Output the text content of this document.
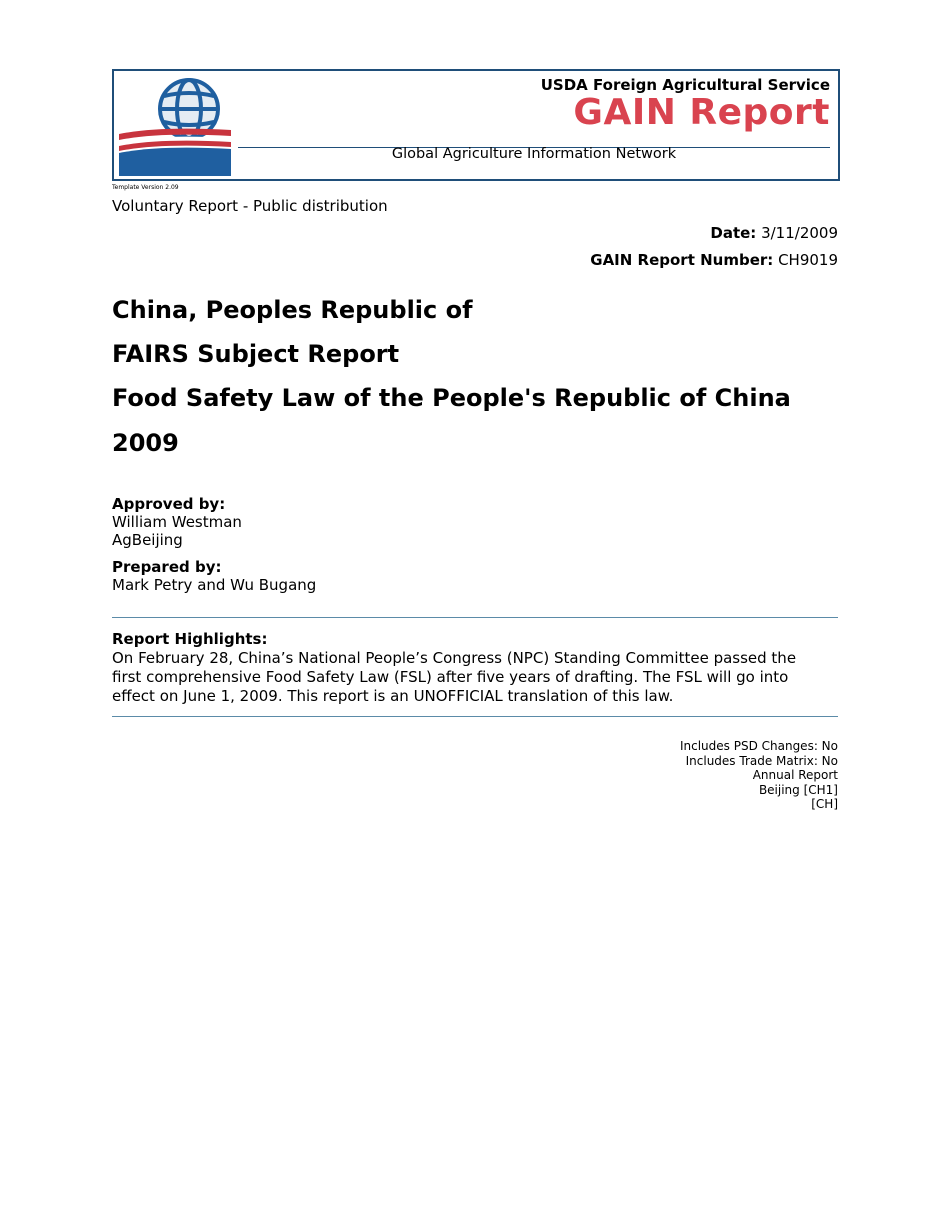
USDA Foreign Agricultural Service
GAIN Report
Global Agriculture Information Network
Template Version 2.09
Voluntary Report - Public distribution
Date: 3/11/2009
GAIN Report Number: CH9019
China, Peoples Republic of
FAIRS Subject Report
Food Safety Law of the People's Republic of China
2009
Approved by:
William Westman
AgBeijing
Prepared by:
Mark Petry and Wu Bugang
Report Highlights:
On February 28, China’s National People’s Congress (NPC) Standing Committee passed the
first comprehensive Food Safety Law (FSL) after five years of drafting. The FSL will go into
effect on June 1, 2009. This report is an UNOFFICIAL translation of this law.
Includes PSD Changes: No
Includes Trade Matrix: No
Annual Report
Beijing [CH1]
[CH]
